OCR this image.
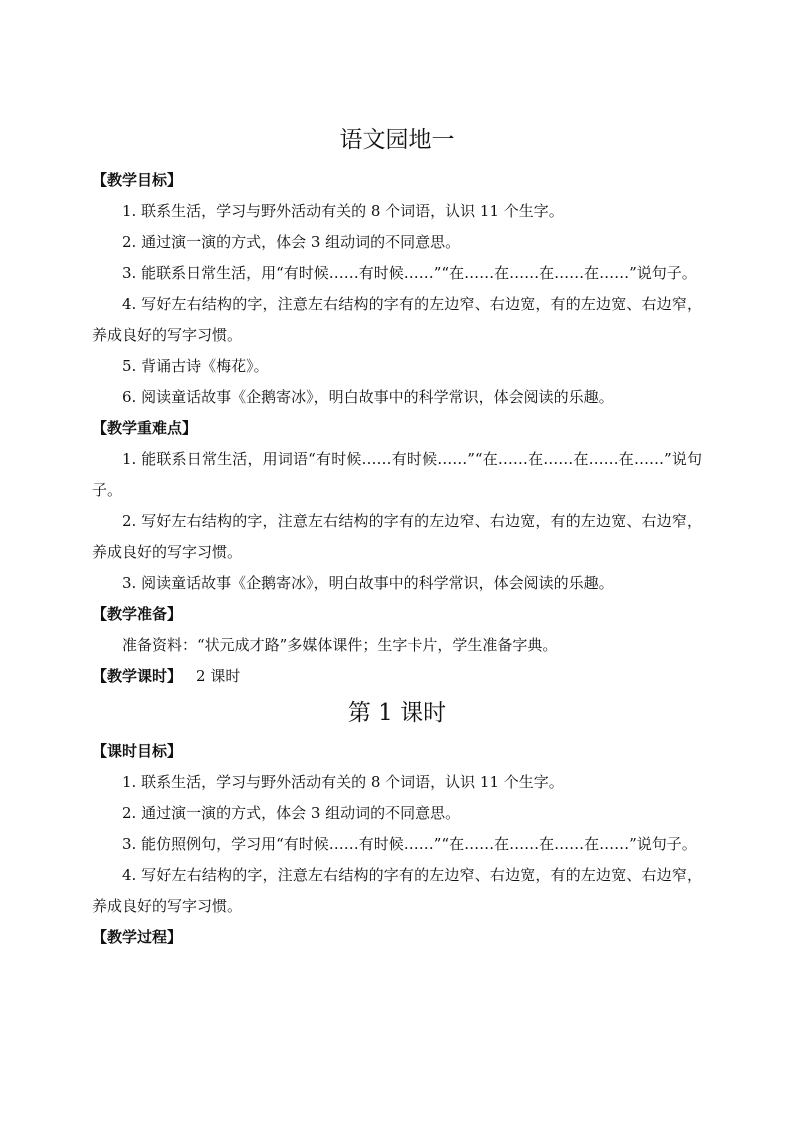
语文园地一

【教学目标】

1. 联系生活，学习与野外活动有关的 8 个词语，认识 11 个生字。

2. 通过演一演的方式，体会 3 组动词的不同意思。

3. 能联系日常生活，用“有时候……有时候……”“在……在……在……在……”说句子。

4. 写好左右结构的字，注意左右结构的字有的左边窄、右边宽，有的左边宽、右边窄，养成良好的写字习惯。

5. 背诵古诗《梅花》。

6. 阅读童话故事《企鹅寄冰》，明白故事中的科学常识，体会阅读的乐趣。

【教学重难点】

1. 能联系日常生活，用词语“有时候……有时候……”“在……在……在……在……”说句子。

2. 写好左右结构的字，注意左右结构的字有的左边窄、右边宽，有的左边宽、右边窄，养成良好的写字习惯。

3. 阅读童话故事《企鹅寄冰》，明白故事中的科学常识，体会阅读的乐趣。

【教学准备】

准备资料：“状元成才路”多媒体课件；生字卡片，学生准备字典。

【教学课时】 2 课时

第 1 课时

【课时目标】

1. 联系生活，学习与野外活动有关的 8 个词语，认识 11 个生字。

2. 通过演一演的方式，体会 3 组动词的不同意思。

3. 能仿照例句，学习用“有时候……有时候……”“在……在……在……在……”说句子。

4. 写好左右结构的字，注意左右结构的字有的左边窄、右边宽，有的左边宽、右边窄，养成良好的写字习惯。

【教学过程】
